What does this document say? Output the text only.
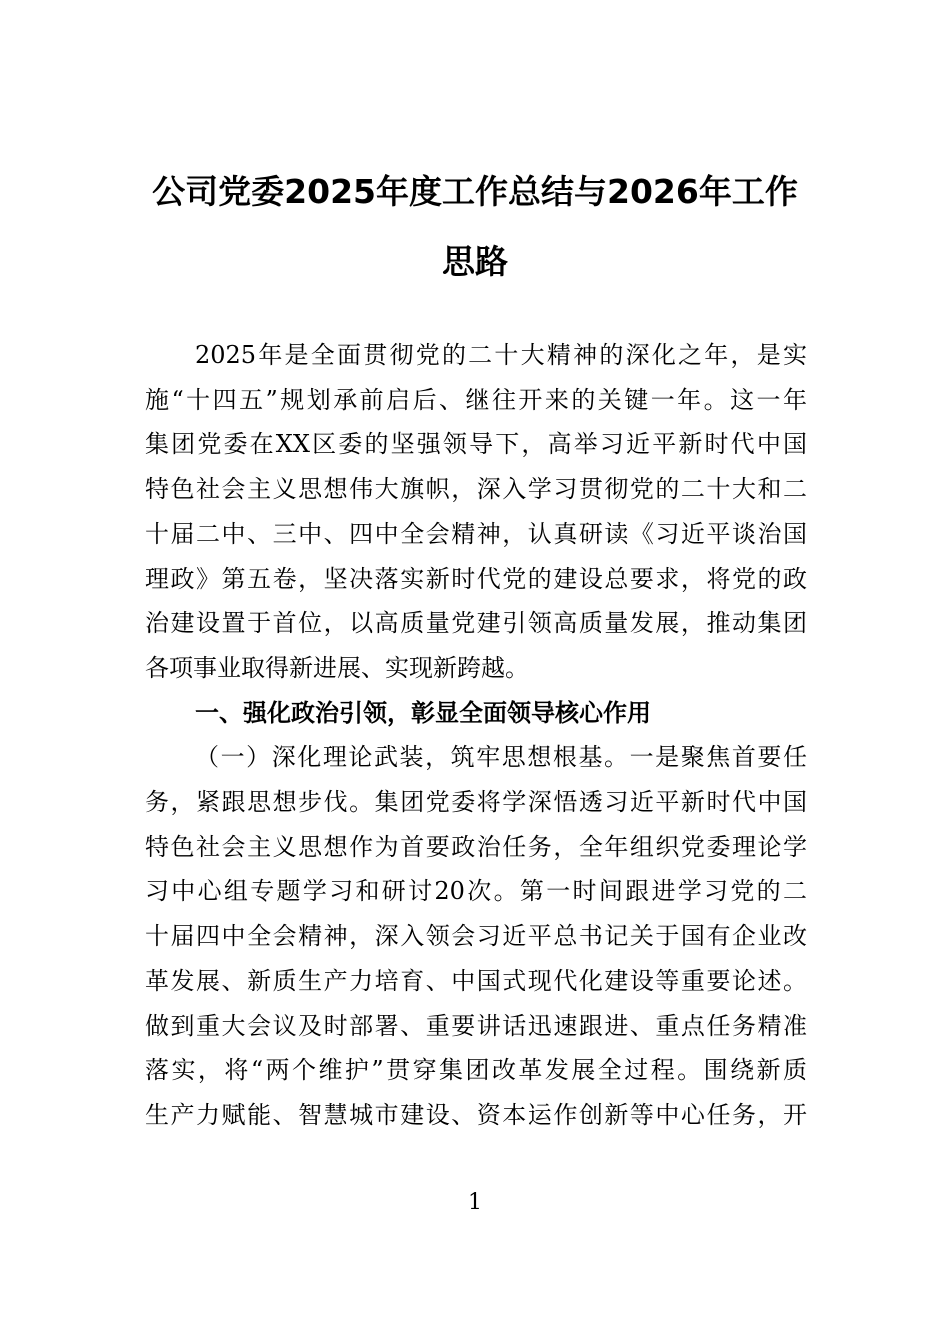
公司党委2025年度工作总结与2026年工作
思路
2025年是全面贯彻党的二十大精神的深化之年，是实
施“十四五”规划承前启后、继往开来的关键一年。这一年
集团党委在XX区委的坚强领导下，高举习近平新时代中国
特色社会主义思想伟大旗帜，深入学习贯彻党的二十大和二
十届二中、三中、四中全会精神，认真研读《习近平谈治国
理政》第五卷，坚决落实新时代党的建设总要求，将党的政
治建设置于首位，以高质量党建引领高质量发展，推动集团
各项事业取得新进展、实现新跨越。
一、强化政治引领，彰显全面领导核心作用
（一）深化理论武装，筑牢思想根基。一是聚焦首要任
务，紧跟思想步伐。集团党委将学深悟透习近平新时代中国
特色社会主义思想作为首要政治任务，全年组织党委理论学
习中心组专题学习和研讨20次。第一时间跟进学习党的二
十届四中全会精神，深入领会习近平总书记关于国有企业改
革发展、新质生产力培育、中国式现代化建设等重要论述。
做到重大会议及时部署、重要讲话迅速跟进、重点任务精准
落实，将“两个维护”贯穿集团改革发展全过程。围绕新质
生产力赋能、智慧城市建设、资本运作创新等中心任务，开
1
